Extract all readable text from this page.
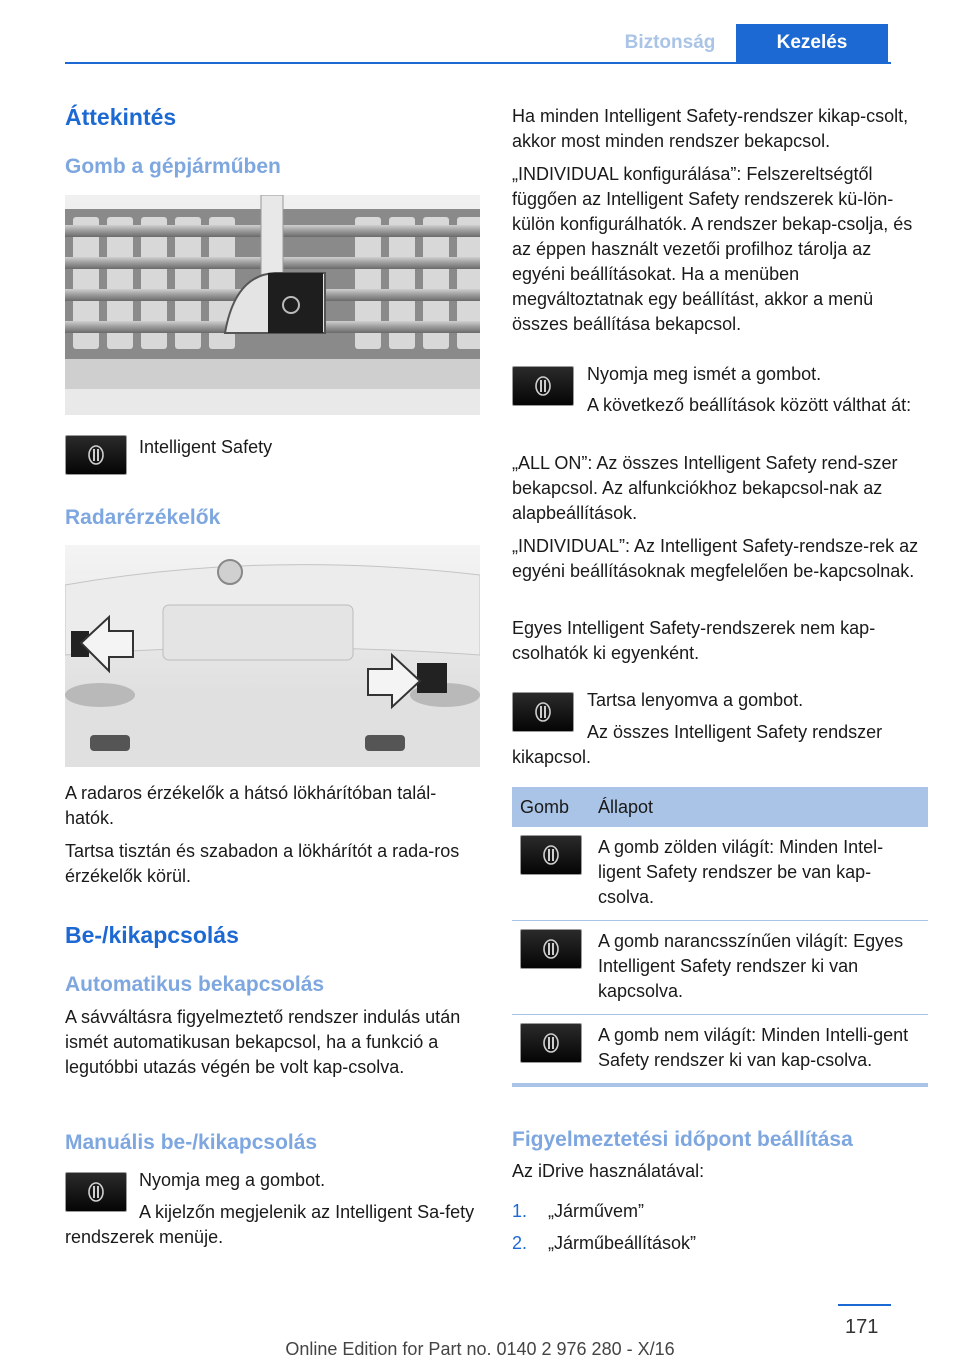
Biztonság	Kezelés
Áttekintés
Gomb a gépjárműben
Intelligent Safety
Radarérzékelők
A radaros érzékelők a hátsó lökhárítóban talál-hatók.
Tartsa tisztán és szabadon a lökhárítót a rada-ros érzékelők körül.
Be-/kikapcsolás
Automatikus bekapcsolás
A sávváltásra figyelmeztető rendszer indulás után ismét automatikusan bekapcsol, ha a funkció a legutóbbi utazás végén be volt kap-csolva.
Manuális be-/kikapcsolás
Nyomja meg a gombot.
A kijelzőn megjelenik az Intelligent Sa-fety rendszerek menüje.
Ha minden Intelligent Safety-rendszer kikap-csolt, akkor most minden rendszer bekapcsol.
„INDIVIDUAL konfigurálása”: Felszereltségtől függően az Intelligent Safety rendszerek kü-lön-külön konfigurálhatók. A rendszer bekap-csolja, és az éppen használt vezetői profilhoz tárolja az egyéni beállításokat. Ha a menüben megváltoztatnak egy beállítást, akkor a menü összes beállítása bekapcsol.
Nyomja meg ismét a gombot.
A következő beállítások között válthat át:
„ALL ON”: Az összes Intelligent Safety rend-szer bekapcsol. Az alfunkciókhoz bekapcsol-nak az alapbeállítások.
„INDIVIDUAL”: Az Intelligent Safety-rendsze-rek az egyéni beállításoknak megfelelően be-kapcsolnak.
Egyes Intelligent Safety-rendszerek nem kap-csolhatók ki egyenként.
Tartsa lenyomva a gombot.
Az összes Intelligent Safety rendszer kikapcsol.
Gomb	Állapot

	A gomb zölden világít: Minden Intel-ligent Safety rendszer be van kap-csolva.

	A gomb narancsszínűen világít: Egyes Intelligent Safety rendszer ki van kapcsolva.

	A gomb nem világít: Minden Intelli-gent Safety rendszer ki van kap-csolva.
Figyelmeztetési időpont beállítása
Az iDrive használatával:
1. „Járművem”
2. „Járműbeállítások”
171
Online Edition for Part no. 0140 2 976 280 - X/16
